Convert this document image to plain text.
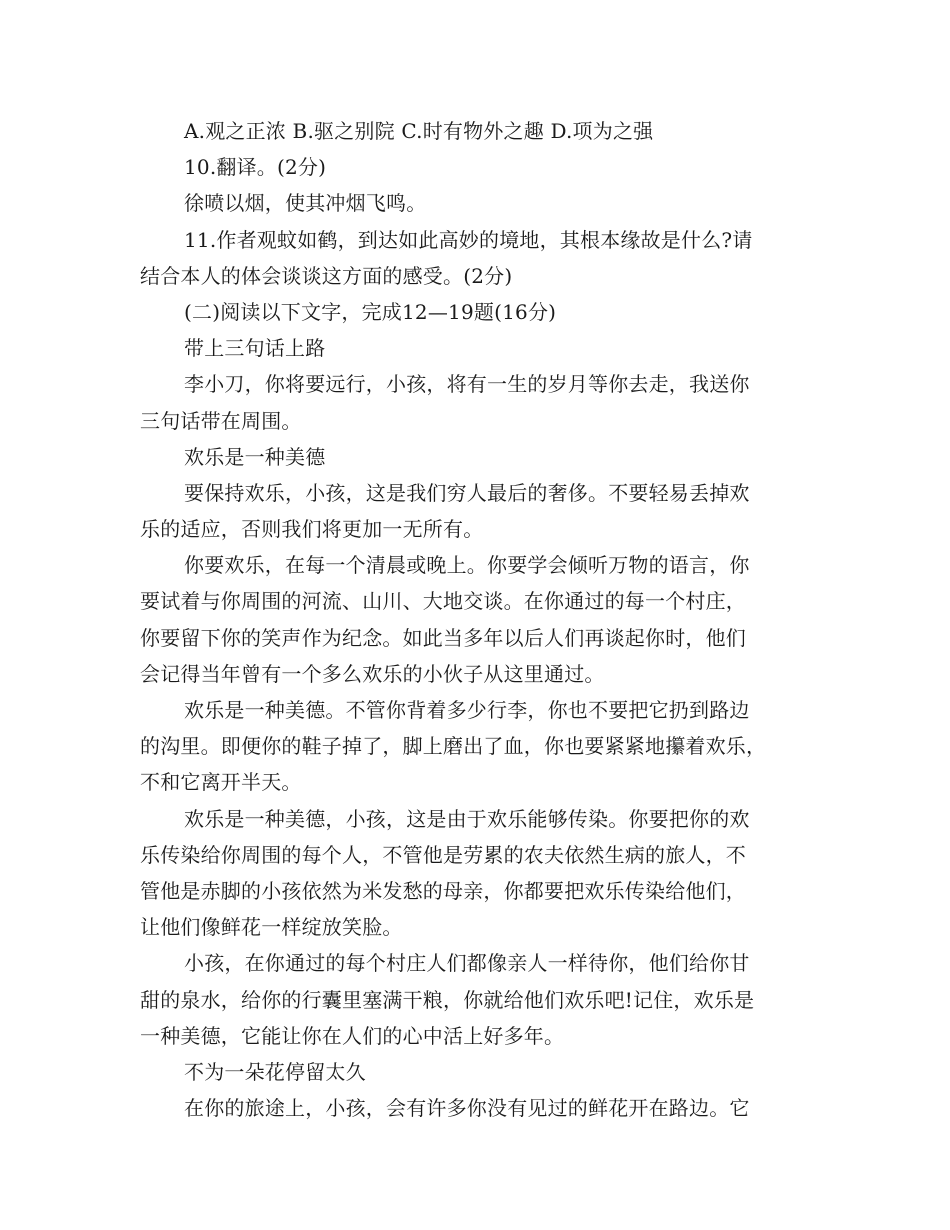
A.观之正浓 B.驱之别院 C.时有物外之趣 D.项为之强
10.翻译。(2分)
徐喷以烟，使其冲烟飞鸣。
11.作者观蚊如鹤，到达如此高妙的境地，其根本缘故是什么?请
结合本人的体会谈谈这方面的感受。(2分)
(二)阅读以下文字，完成12—19题(16分)
带上三句话上路
李小刀，你将要远行，小孩，将有一生的岁月等你去走，我送你
三句话带在周围。
欢乐是一种美德
要保持欢乐，小孩，这是我们穷人最后的奢侈。不要轻易丢掉欢
乐的适应，否则我们将更加一无所有。
你要欢乐，在每一个清晨或晚上。你要学会倾听万物的语言，你
要试着与你周围的河流、山川、大地交谈。在你通过的每一个村庄，
你要留下你的笑声作为纪念。如此当多年以后人们再谈起你时，他们
会记得当年曾有一个多么欢乐的小伙子从这里通过。
欢乐是一种美德。不管你背着多少行李，你也不要把它扔到路边
的沟里。即便你的鞋子掉了，脚上磨出了血，你也要紧紧地攥着欢乐，
不和它离开半天。
欢乐是一种美德，小孩，这是由于欢乐能够传染。你要把你的欢
乐传染给你周围的每个人，不管他是劳累的农夫依然生病的旅人，不
管他是赤脚的小孩依然为米发愁的母亲，你都要把欢乐传染给他们，
让他们像鲜花一样绽放笑脸。
小孩，在你通过的每个村庄人们都像亲人一样待你，他们给你甘
甜的泉水，给你的行囊里塞满干粮，你就给他们欢乐吧!记住，欢乐是
一种美德，它能让你在人们的心中活上好多年。
不为一朵花停留太久
在你的旅途上，小孩，会有许多你没有见过的鲜花开在路边。它
